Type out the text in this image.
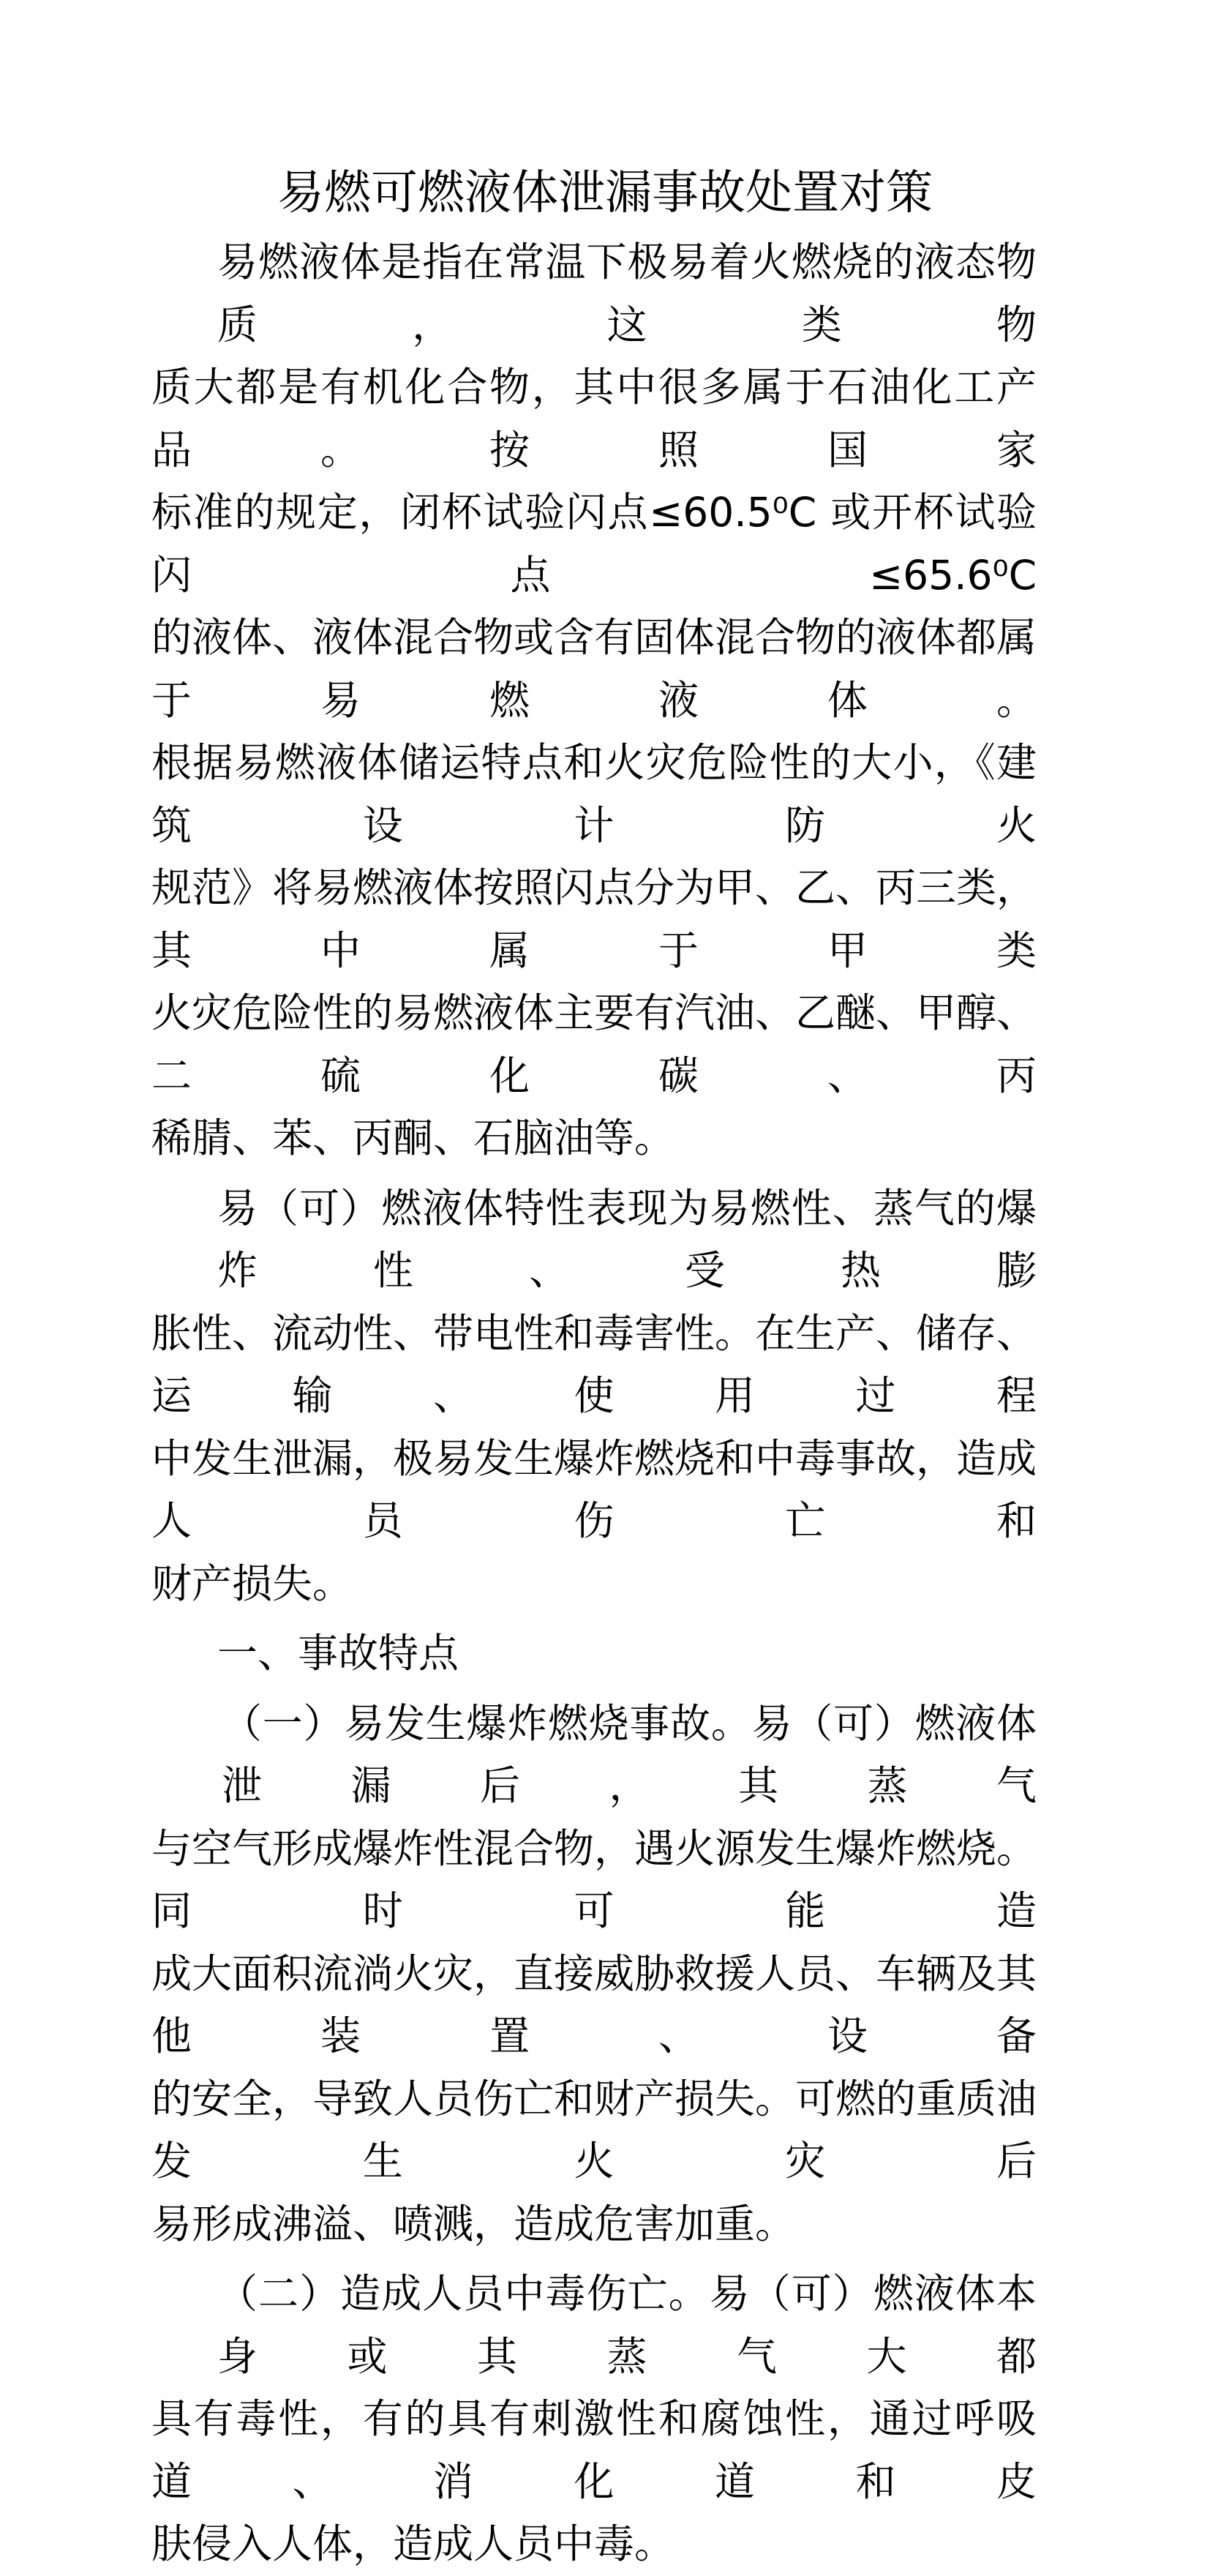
易燃可燃液体泄漏事故处置对策
易燃液体是指在常温下极易着火燃烧的液态物质，这类物
质大都是有机化合物，其中很多属于石油化工产品。按照国家
标准的规定，闭杯试验闪点≤60.5⁰C 或开杯试验闪点≤65.6⁰C
的液体、液体混合物或含有固体混合物的液体都属于易燃液体。
根据易燃液体储运特点和火灾危险性的大小，《建筑设计防火
规范》将易燃液体按照闪点分为甲、乙、丙三类，其中属于甲类
火灾危险性的易燃液体主要有汽油、乙醚、甲醇、二硫化碳、丙
稀腈、苯、丙酮、石脑油等。
易（可）燃液体特性表现为易燃性、蒸气的爆炸性、受热膨
胀性、流动性、带电性和毒害性。在生产、储存、运输、使用过程
中发生泄漏，极易发生爆炸燃烧和中毒事故，造成人员伤亡和
财产损失。
一、事故特点
（一）易发生爆炸燃烧事故。易（可）燃液体泄漏后，其蒸气
与空气形成爆炸性混合物，遇火源发生爆炸燃烧。同时可能造
成大面积流淌火灾，直接威胁救援人员、车辆及其他装置、设备
的安全，导致人员伤亡和财产损失。可燃的重质油发生火灾后
易形成沸溢、喷溅，造成危害加重。
（二）造成人员中毒伤亡。易（可）燃液体本身或其蒸气大都
具有毒性，有的具有刺激性和腐蚀性，通过呼吸道、消化道和皮
肤侵入人体，造成人员中毒。
